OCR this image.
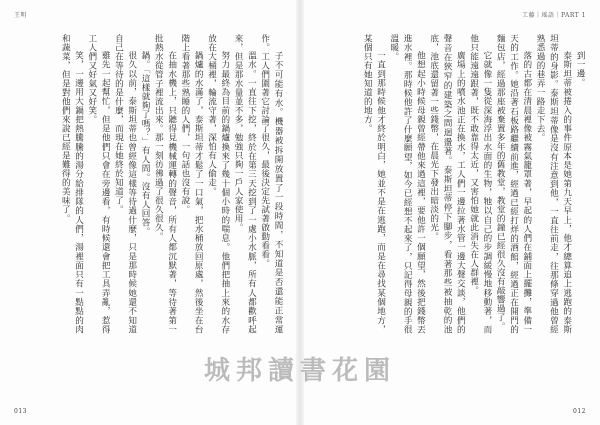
王明

子不可能有水。機器被拆開放置了一段時間，不知道是否還能正常運作。工人們圍著它討論了很久，最後決定先試著啟動看看。

溫水。一直往下挖，終於在第三天挖到了一處小水脈，所有人都歡呼起來，但是那水量並不多，勉強只夠一戶人家使用。

努力最終為目前的鍋爐換來了幾十個小時的喘息。他們把抽上來的水存放在大桶裡，輪流守著，深怕有人偷走。

鍋爐的水滿了，泰斯坦蒂才鬆了一口氣，把水桶放回原處，然後坐在台階上看著那些熟睡的人們，一句話也沒有說。

在抽水機上，只聽得見機械運轉的聲音，所有人都沉默著，等待著第一批熱水從管子裡流出來。那一刻彷彿過了很久很久。

鍋。「這樣就夠了嗎？」有人問。沒有人回答。

很久以前，泰斯坦蒂也曾經像這樣等待過什麼，只是那時候她還不知道自己在等待的是什麼，而現在她終於知道了。

雞先一起幫忙，但是他們只會在旁邊看，有時候還會把工具弄亂，惹得工人們又好氣又好笑。

笑，一邊用大鍋把熱騰騰的湯分給排隊的人們，湯裡面只有一點點的肉和蔬菜，但是對他們來說已經是難得的美味了。

013
工藤｜瑤語｜PART 1

到一邊。

泰斯坦蒂被捲入的事件原本是她第九天早上，他才總算追上逃跑的泰斯坦蒂的身影。泰斯坦蒂像是沒有注意到他，一直往前走，往那條穿過他曾經熟悉過的巷弄一路走下去。

落的古都在清晨裡像被霧氣籠罩著，早起的人們在鋪面上擺攤，準備一天的工作。她沿著石板路繼續前進，經過已經打烊的酒館，經過正在開門的麵包店，經過那座被棄置多年的舊教堂，教堂的鐘已經很久沒有敲響過了。

它就像一隻從深海浮出水面的生物，牠以自己的步調緩慢地移動著，而他只能遠遠跟著，既不敢靠得太近，又害怕她就此消失在人群裡。

廣場上的噴水池正在換水，工人們一邊拉著水管一邊大聲交談，他們的聲音在狹窄的建築之間迴盪著。泰斯坦蒂停下腳步，看著那些被抽乾的池底，池底還留著一些錢幣，在晨光下發出暗淡的光。

他想起小時候母親曾經帶他來過這裡，要他許一個願望，然後把錢幣丟進水裡。那時候他許了什麼願望，如今已經想不起來了，只記得母親的手很溫暖。

一直到那時候他才終於明白，她並不是在逃跑，而是在尋找某個地方，某個只有她知道的地方。

012
城邦讀書花園
